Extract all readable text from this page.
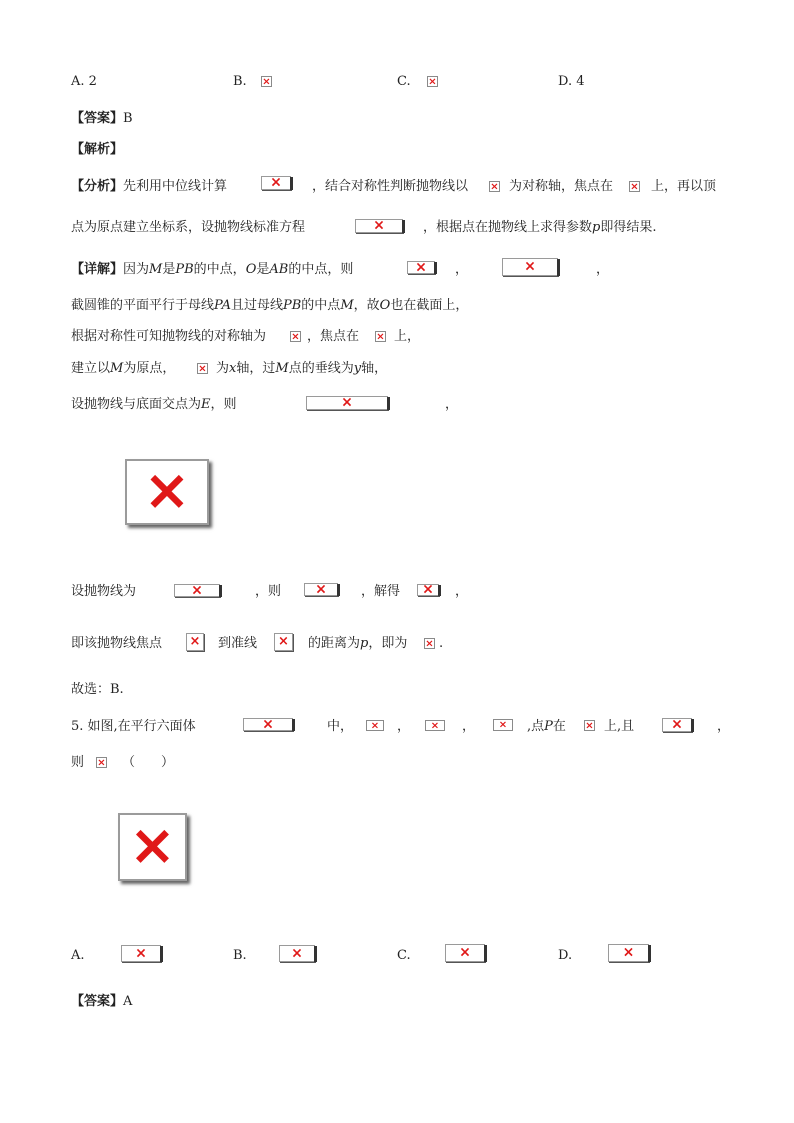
A. 2	B. ×	C. ×	D. 4
【答案】B
【解析】
【分析】先利用中位线计算 ×	，结合对称性判断抛物线以 ×	为对称轴，焦点在 ×	上，再以顶
点为原点建立坐标系，设抛物线标准方程 ×	，根据点在抛物线上求得参数p即得结果.
【详解】因为M是PB的中点，O是AB的中点，则 ×	， ×	，
截圆锥的平面平行于母线PA且过母线PB的中点M，故O也在截面上，
根据对称性可知抛物线的对称轴为 ×	，焦点在 ×	上，
建立以M为原点， ×	为x轴，过M点的垂线为y轴，
设抛物线与底面交点为E，则 ×	，
×
设抛物线为 ×	，则 ×	，解得 ×	，
即该抛物线焦点 ×	到准线 ×	的距离为p，即为 × .
故选：B.
5. 如图,在平行六面体 ×	中， ×	， ×	， ×	,点P在 ×	上,且 ×	，
则 ×	（　　）
×
A. ×	B. ×	C. ×	D.
×
【答案】A
